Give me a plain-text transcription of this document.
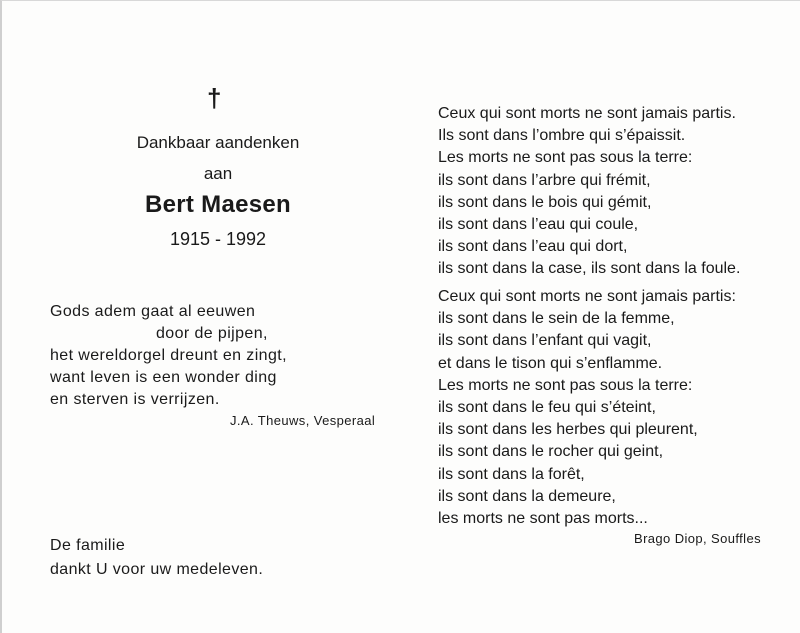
†
Dankbaar aandenken
aan
Bert Maesen
1915 - 1992
Gods adem gaat al eeuwen
door de pijpen,
het wereldorgel dreunt en zingt,
want leven is een wonder ding
en sterven is verrijzen.
J.A. Theuws, Vesperaal
De familie
dankt U voor uw medeleven.
Ceux qui sont morts ne sont jamais partis.
Ils sont dans l’ombre qui s’épaissit.
Les morts ne sont pas sous la terre:
ils sont dans l’arbre qui frémit,
ils sont dans le bois qui gémit,
ils sont dans l’eau qui coule,
ils sont dans l’eau qui dort,
ils sont dans la case, ils sont dans la foule.
Ceux qui sont morts ne sont jamais partis:
ils sont dans le sein de la femme,
ils sont dans l’enfant qui vagit,
et dans le tison qui s’enflamme.
Les morts ne sont pas sous la terre:
ils sont dans le feu qui s’éteint,
ils sont dans les herbes qui pleurent,
ils sont dans le rocher qui geint,
ils sont dans la forêt,
ils sont dans la demeure,
les morts ne sont pas morts...
Brago Diop, Souffles
